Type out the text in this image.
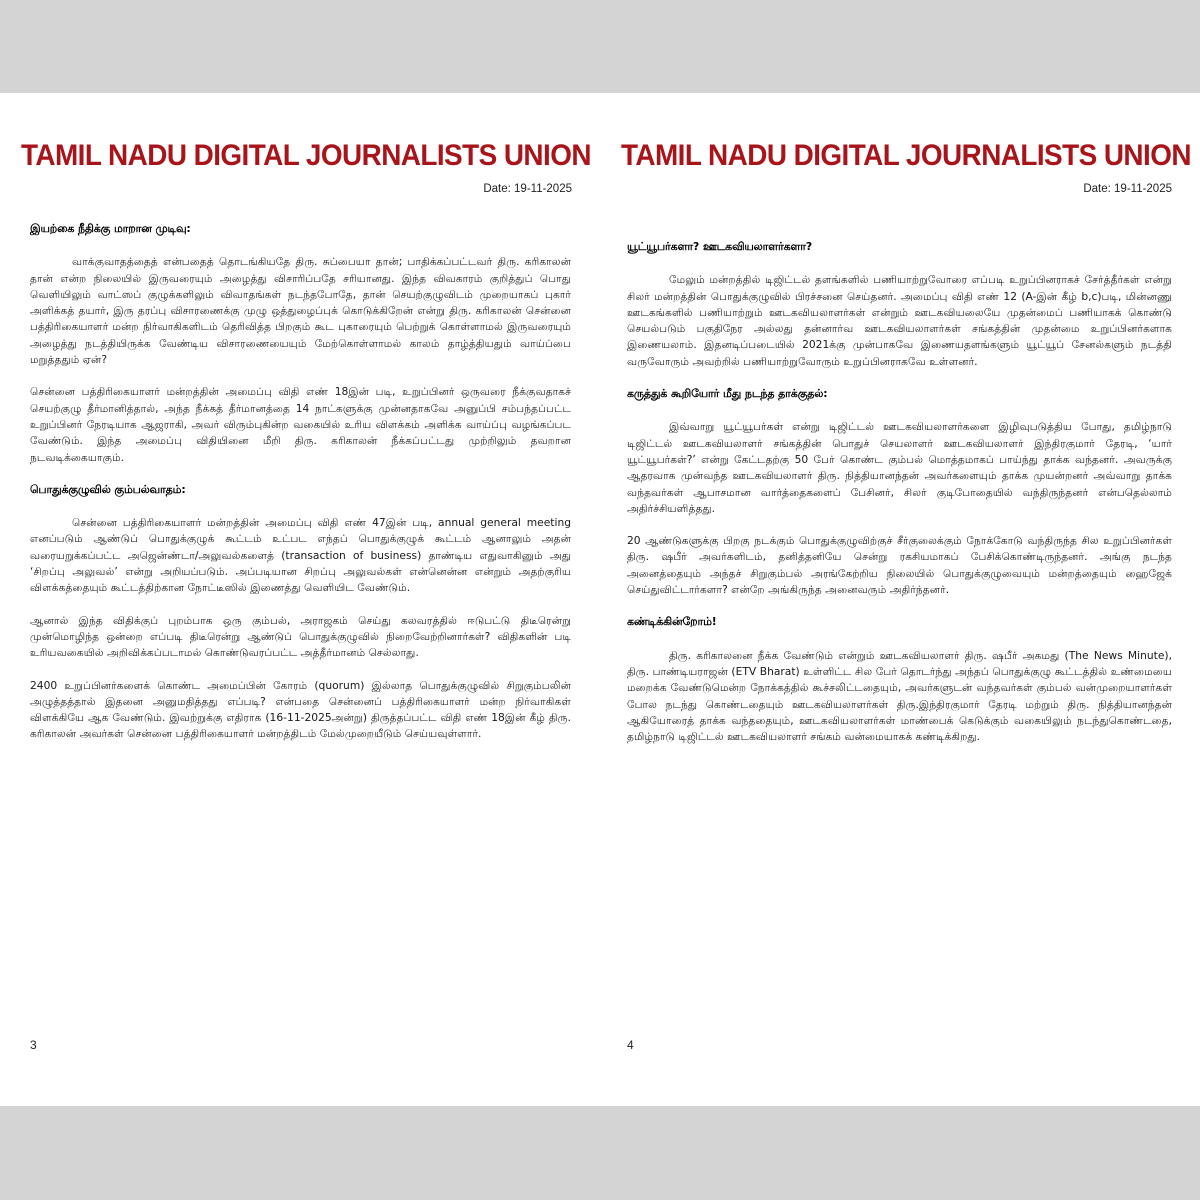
TAMIL NADU DIGITAL JOURNALISTS UNION
Date: 19-11-2025
இயற்கை நீதிக்கு மாறான முடிவு:

வாக்குவாதத்தைத் என்பதைத் தொடங்கியதே திரு. சுப்பையா தான்; பாதிக்கப்பட்டவர் திரு. கரிகாலன் தான் என்ற நிலையில் இருவரையும் அழைத்து விசாரிப்பதே சரியானது. இந்த விவகாரம் குறித்துப் பொது வெளியிலும் வாட்ஸப் குழுக்களிலும் விவாதங்கள் நடந்தபோதே, தான் செயற்குழுவிடம் முறையாகப் புகார் அளிக்கத் தயார், இரு தரப்பு விசாரணைக்கு முழு ஒத்துழைப்புக் கொடுக்கிறேன் என்று திரு. கரிகாலன் சென்னை பத்திரிகையாளர் மன்ற நிர்வாகிகளிடம் தெரிவித்த பிறகும் கூட புகாரையும் பெற்றுக் கொள்ளாமல் இருவரையும் அழைத்து நடத்தியிருக்க வேண்டிய விசாரணையையும் மேற்கொள்ளாமல் காலம் தாழ்த்தியதும் வாய்ப்பை மறுத்ததும் ஏன்?

சென்னை பத்திரிகையாளர் மன்றத்தின் அமைப்பு விதி எண் 18இன் படி, உறுப்பினர் ஒருவரை நீக்குவதாகச் செயற்குழு தீர்மானித்தால், அந்த நீக்கத் தீர்மானத்தை 14 நாட்களுக்கு முன்னதாகவே அனுப்பி சம்பந்தப்பட்ட உறுப்பினர் நேரடியாக ஆஜராகி, அவர் விரும்புகின்ற வகையில் உரிய விளக்கம் அளிக்க வாய்ப்பு வழங்கப்பட வேண்டும். இந்த அமைப்பு விதியினை மீறி திரு. கரிகாலன் நீக்கப்பட்டது முற்றிலும் தவறான நடவடிக்கையாகும்.

பொதுக்குழுவில் கும்பல்வாதம்:

சென்னை பத்திரிகையாளர் மன்றத்தின் அமைப்பு விதி எண் 47இன் படி, annual general meeting எனப்படும் ஆண்டுப் பொதுக்குழுக் கூட்டம் உட்பட எந்தப் பொதுக்குழுக் கூட்டம் ஆனாலும் அதன் வரையறுக்கப்பட்ட அஜென்ண்டா/அலுவல்களைத் (transaction of business) தாண்டிய எதுவாகினும் அது ‘சிறப்பு அலுவல்’ என்று அறியப்படும். அப்படியான சிறப்பு அலுவல்கள் என்னென்ன என்றும் அதற்குரிய விளக்கத்தையும் கூட்டத்திற்கான நோட்டீஸில் இணைத்து வெளியிட வேண்டும்.

ஆனால் இந்த விதிக்குப் புறம்பாக ஒரு கும்பல், அராஜகம் செய்து கலவரத்தில் ஈடுபட்டு திடீரென்று முன்மொழிந்த ஒன்றை எப்படி திடீரென்று ஆண்டுப் பொதுக்குழுவில் நிறைவேற்றினார்கள்? விதிகளின் படி உரியவகையில் அறிவிக்கப்படாமல் கொண்டுவரப்பட்ட அத்தீர்மானம் செல்லாது.

2400 உறுப்பினர்களைக் கொண்ட அமைப்பின் கோரம் (quorum) இல்லாத பொதுக்குழுவில் சிறுகும்பலின் அழுத்தத்தால் இதனை அனுமதித்தது எப்படி? என்பதை சென்னைப் பத்திரிகையாளர் மன்ற நிர்வாகிகள் விளக்கியே ஆக வேண்டும். இவற்றுக்கு எதிராக (16-11-2025அன்று) திருத்தப்பட்ட விதி எண் 18இன் கீழ் திரு. கரிகாலன் அவர்கள் சென்னை பத்திரிகையாளர் மன்றத்திடம் மேல்முறையீடும் செய்யவுள்ளார்.

3
TAMIL NADU DIGITAL JOURNALISTS UNION
Date: 19-11-2025
யூட்யூபர்களா? ஊடகவியலாளர்களா?

மேலும் மன்றத்தில் டிஜிட்டல் தளங்களில் பணியாற்றுவோரை எப்படி உறுப்பினராகச் சேர்த்தீர்கள் என்று சிலர் மன்றத்தின் பொதுக்குழுவில் பிரச்சனை செய்தனர். அமைப்பு விதி எண் 12 (A-இன் கீழ் b,c)படி, மின்னணு ஊடகங்களில் பணியாற்றும் ஊடகவியலாளர்கள் என்றும் ஊடகவியலையே முதன்மைப் பணியாகக் கொண்டு செயல்படும் பகுதிநேர அல்லது தன்னார்வ ஊடகவியலாளர்கள் சங்கத்தின் முதன்மை உறுப்பினர்களாக இணையலாம். இதனடிப்படையில் 2021க்கு முன்பாகவே இணையதளங்களும் யூட்யூப் சேனல்களும் நடத்தி வருவோரும் அவற்றில் பணியாற்றுவோரும் உறுப்பினராகவே உள்ளனர்.

கருத்துக் கூறியோர் மீது நடந்த தாக்குதல்:

இவ்வாறு யூட்யூபர்கள் என்று டிஜிட்டல் ஊடகவியலாளர்களை இழிவுபடுத்திய போது, தமிழ்நாடு டிஜிட்டல் ஊடகவியலாளர் சங்கத்தின் பொதுச் செயலாளர் ஊடகவியலாளர் இந்திரகுமார் தேரடி, ‘யார் யூட்யூபர்கள்?’ என்று கேட்டதற்கு 50 பேர் கொண்ட கும்பல் மொத்தமாகப் பாய்ந்து தாக்க வந்தனர். அவருக்கு ஆதரவாக முன்வந்த ஊடகவியலாளர் திரு. நித்தியானந்தன் அவர்களையும் தாக்க முயன்றனர் அவ்வாறு தாக்க வந்தவர்கள் ஆபாசமான வார்த்தைகளைப் பேசினர், சிலர் குடிபோதையில் வந்திருந்தனர் என்பதெல்லாம் அதிர்ச்சியளித்தது.

20 ஆண்டுகளுக்கு பிறகு நடக்கும் பொதுக்குழுவிற்குச் சீர்குலைக்கும் நோக்கோடு வந்திருந்த சில உறுப்பினர்கள் திரு. ஷபீர் அவர்களிடம், தனித்தனியே சென்று ரகசியமாகப் பேசிக்கொண்டிருந்தனர். அங்கு நடந்த அனைத்தையும் அந்தச் சிறுகும்பல் அரங்கேற்றிய நிலையில் பொதுக்குழுவையும் மன்றத்தையும் ஹைஜேக் செய்துவிட்டார்களா? என்றே அங்கிருந்த அனைவரும் அதிர்ந்தனர்.

கண்டிக்கின்றோம்!

திரு. கரிகாலனை நீக்க வேண்டும் என்றும் ஊடகவியலாளர் திரு. ஷபீர் அகமது (The News Minute), திரு. பாண்டியராஜன் (ETV Bharat) உள்ளிட்ட சில பேர் தொடர்ந்து அந்தப் பொதுக்குழு கூட்டத்தில் உண்மையை மறைக்க வேண்டுமென்ற நோக்கத்தில் கூச்சலிட்டதையும், அவர்களுடன் வந்தவர்கள் கும்பல் வன்முறையாளர்கள் போல நடந்து கொண்டதையும் ஊடகவியலாளர்கள் திரு.இந்திரகுமார் தேரடி மற்றும் திரு. நித்தியானந்தன் ஆகியோரைத் தாக்க வந்ததையும், ஊடகவியலாளர்கள் மாண்பைக் கெடுக்கும் வகையிலும் நடந்துகொண்டதை, தமிழ்நாடு டிஜிட்டல் ஊடகவியலாளர் சங்கம் வன்மையாகக் கண்டிக்கிறது.

4
